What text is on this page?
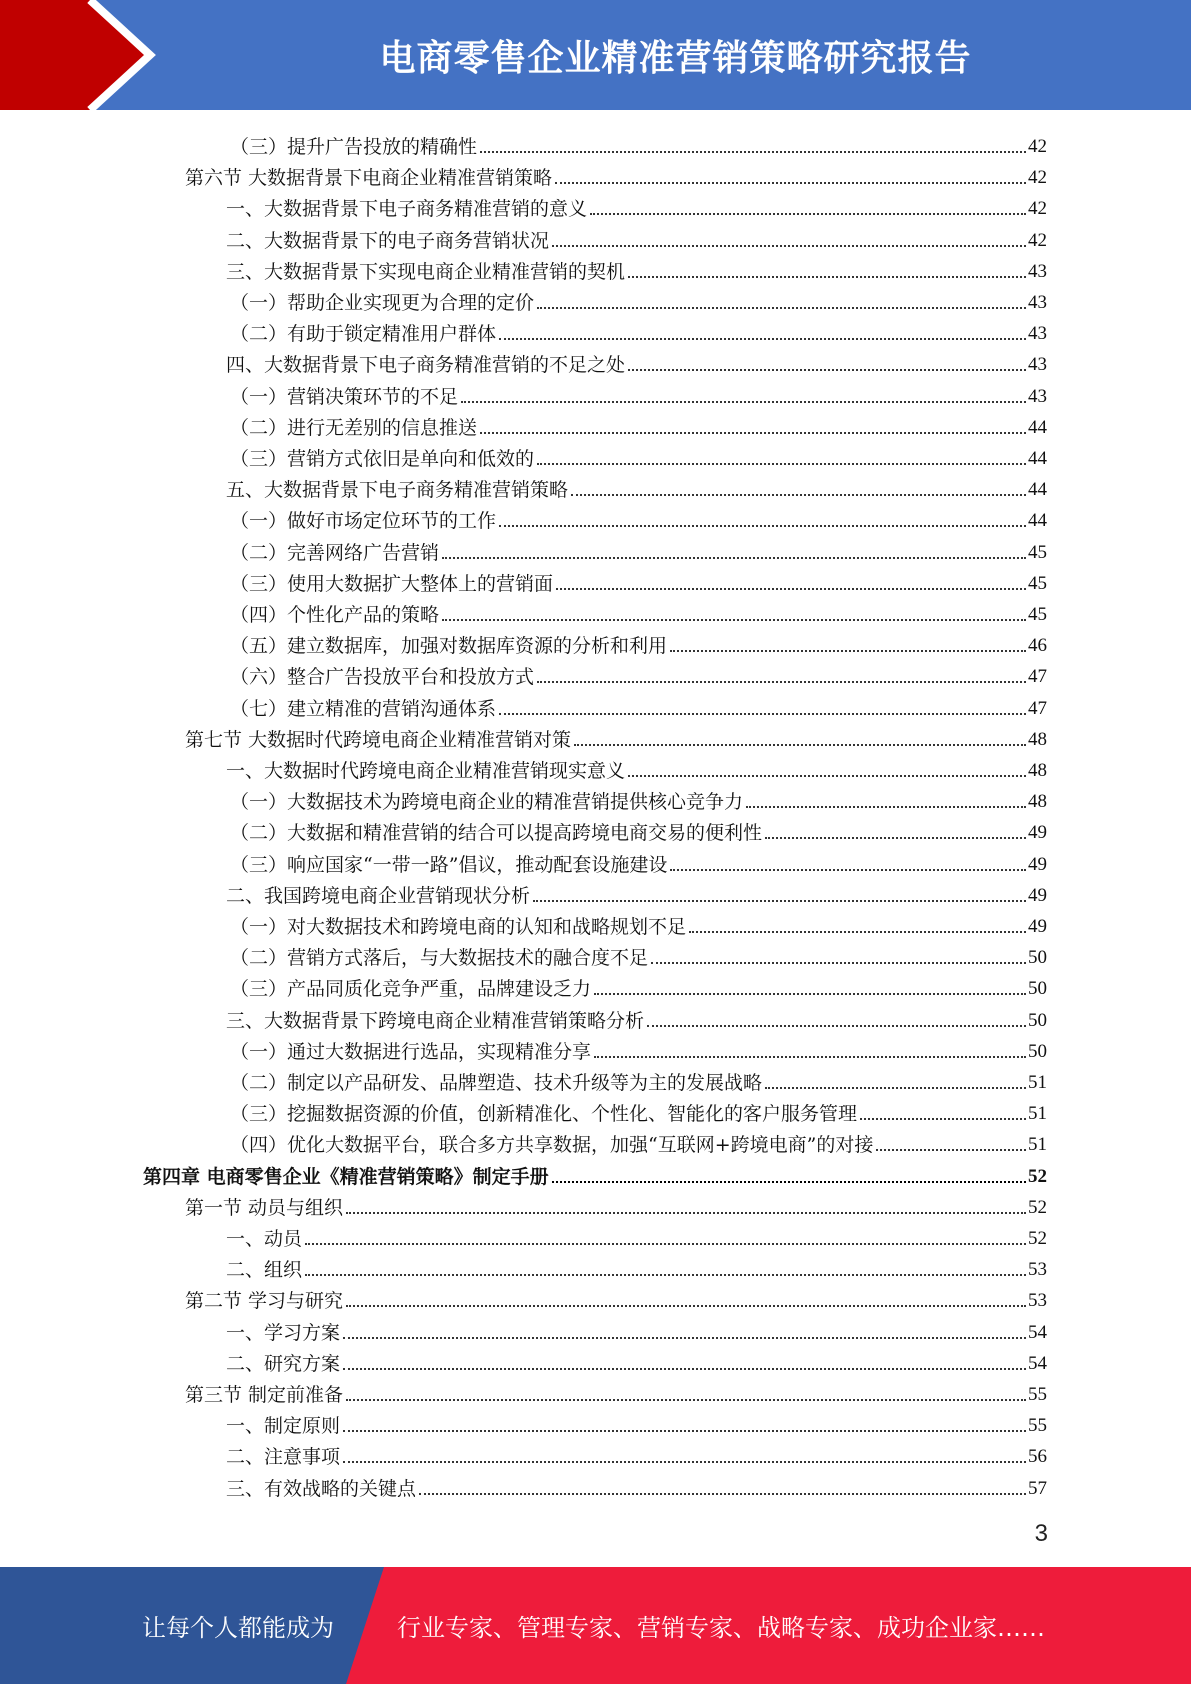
电商零售企业精准营销策略研究报告
（三）提升广告投放的精确性	42
第六节 大数据背景下电商企业精准营销策略	42
一、大数据背景下电子商务精准营销的意义	42
二、大数据背景下的电子商务营销状况	42
三、大数据背景下实现电商企业精准营销的契机	43
（一）帮助企业实现更为合理的定价	43
（二）有助于锁定精准用户群体	43
四、大数据背景下电子商务精准营销的不足之处	43
（一）营销决策环节的不足	43
（二）进行无差别的信息推送	44
（三）营销方式依旧是单向和低效的	44
五、大数据背景下电子商务精准营销策略	44
（一）做好市场定位环节的工作	44
（二）完善网络广告营销	45
（三）使用大数据扩大整体上的营销面	45
（四）个性化产品的策略	45
（五）建立数据库，加强对数据库资源的分析和利用	46
（六）整合广告投放平台和投放方式	47
（七）建立精准的营销沟通体系	47
第七节 大数据时代跨境电商企业精准营销对策	48
一、大数据时代跨境电商企业精准营销现实意义	48
（一）大数据技术为跨境电商企业的精准营销提供核心竞争力	48
（二）大数据和精准营销的结合可以提高跨境电商交易的便利性	49
（三）响应国家“一带一路”倡议，推动配套设施建设	49
二、我国跨境电商企业营销现状分析	49
（一）对大数据技术和跨境电商的认知和战略规划不足	49
（二）营销方式落后，与大数据技术的融合度不足	50
（三）产品同质化竞争严重，品牌建设乏力	50
三、大数据背景下跨境电商企业精准营销策略分析	50
（一）通过大数据进行选品，实现精准分享	50
（二）制定以产品研发、品牌塑造、技术升级等为主的发展战略	51
（三）挖掘数据资源的价值，创新精准化、个性化、智能化的客户服务管理	51
（四）优化大数据平台，联合多方共享数据，加强“互联网+跨境电商”的对接	51
第四章 电商零售企业《精准营销策略》制定手册	52
第一节 动员与组织	52
一、动员	52
二、组织	53
第二节 学习与研究	53
一、学习方案	54
二、研究方案	54
第三节 制定前准备	55
一、制定原则	55
二、注意事项	56
三、有效战略的关键点	57
3
让每个人都能成为	行业专家、管理专家、营销专家、战略专家、成功企业家……
